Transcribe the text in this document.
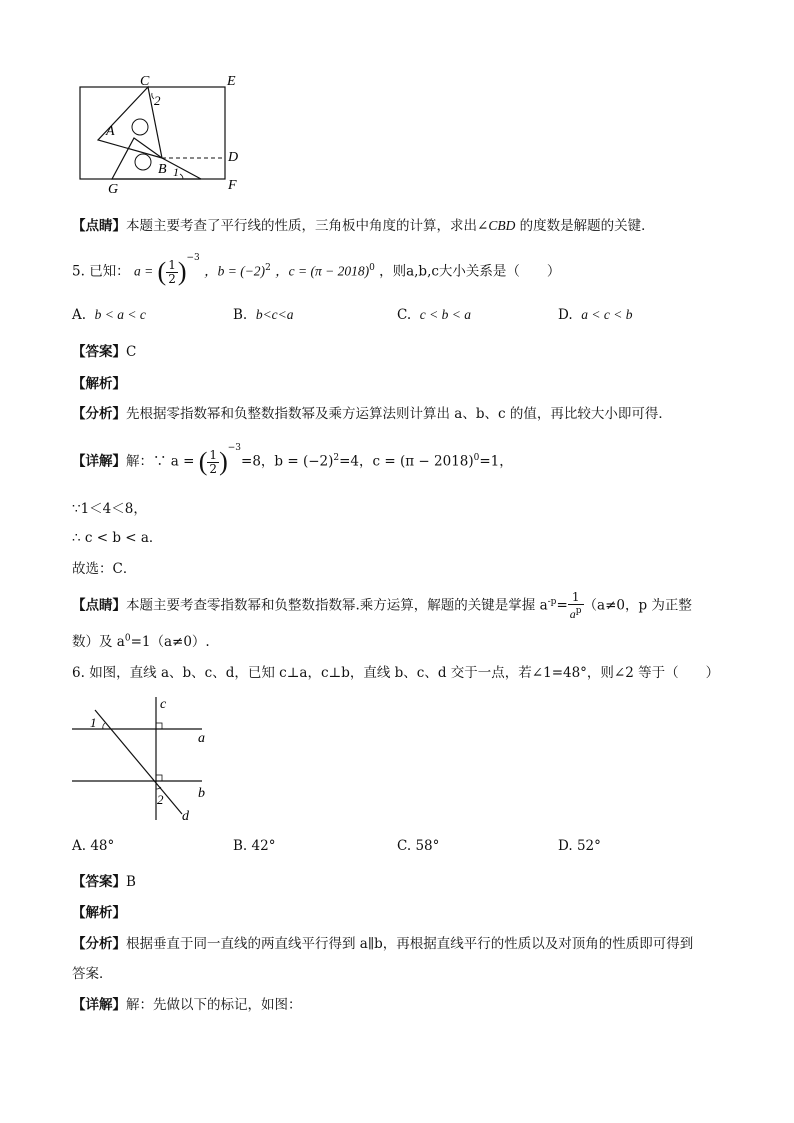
C	E
A
D
B
G	F
1
2
【点睛】本题主要考查了平行线的性质，三角板中角度的计算，求出∠CBD 的度数是解题的关键．
5. 已知： a = ( $\frac{1}{2} )^{-3}$ ，$b = (-2)^2$ ，$c = (\pi - 2018)^0$ ，则a,b,c大小关系是（　　）
A. b < a < c	B. b<c<a	C. c < b < a	D. a < c < b
【答案】C
【解析】
【分析】先根据零指数幂和负整数指数幂及乘方运算法则计算出 a、b、c 的值，再比较大小即可得．
【详解】解：∵ a = ( $\frac{1}{2} )^{-3}=8$，$b = (-2)^2=4$，$c = (\pi - 2018)^0=1$，
∵1＜4＜8，
∴ c < b < a．
故选：C．
【点睛】本题主要考查零指数幂和负整数指数幂.乘方运算，解题的关键是掌握 $a^{-p}= \frac{1}{a^p} (a\ne 0$，p 为正整
数）及 $a^0=1(a\ne 0)$.
6. 如图，直线 a、b、c、d，已知 c⊥a，c⊥b，直线 b、c、d 交于一点，若∠1=48°，则∠2 等于（　　）
c
a
b
d
1
2
A. 48°	B. 42°	C. 58°	D. 52°
【答案】B
【解析】
【分析】根据垂直于同一直线的两直线平行得到 a∥b，再根据直线平行的性质以及对顶角的性质即可得到
答案．
【详解】解：先做以下的标记，如图：
